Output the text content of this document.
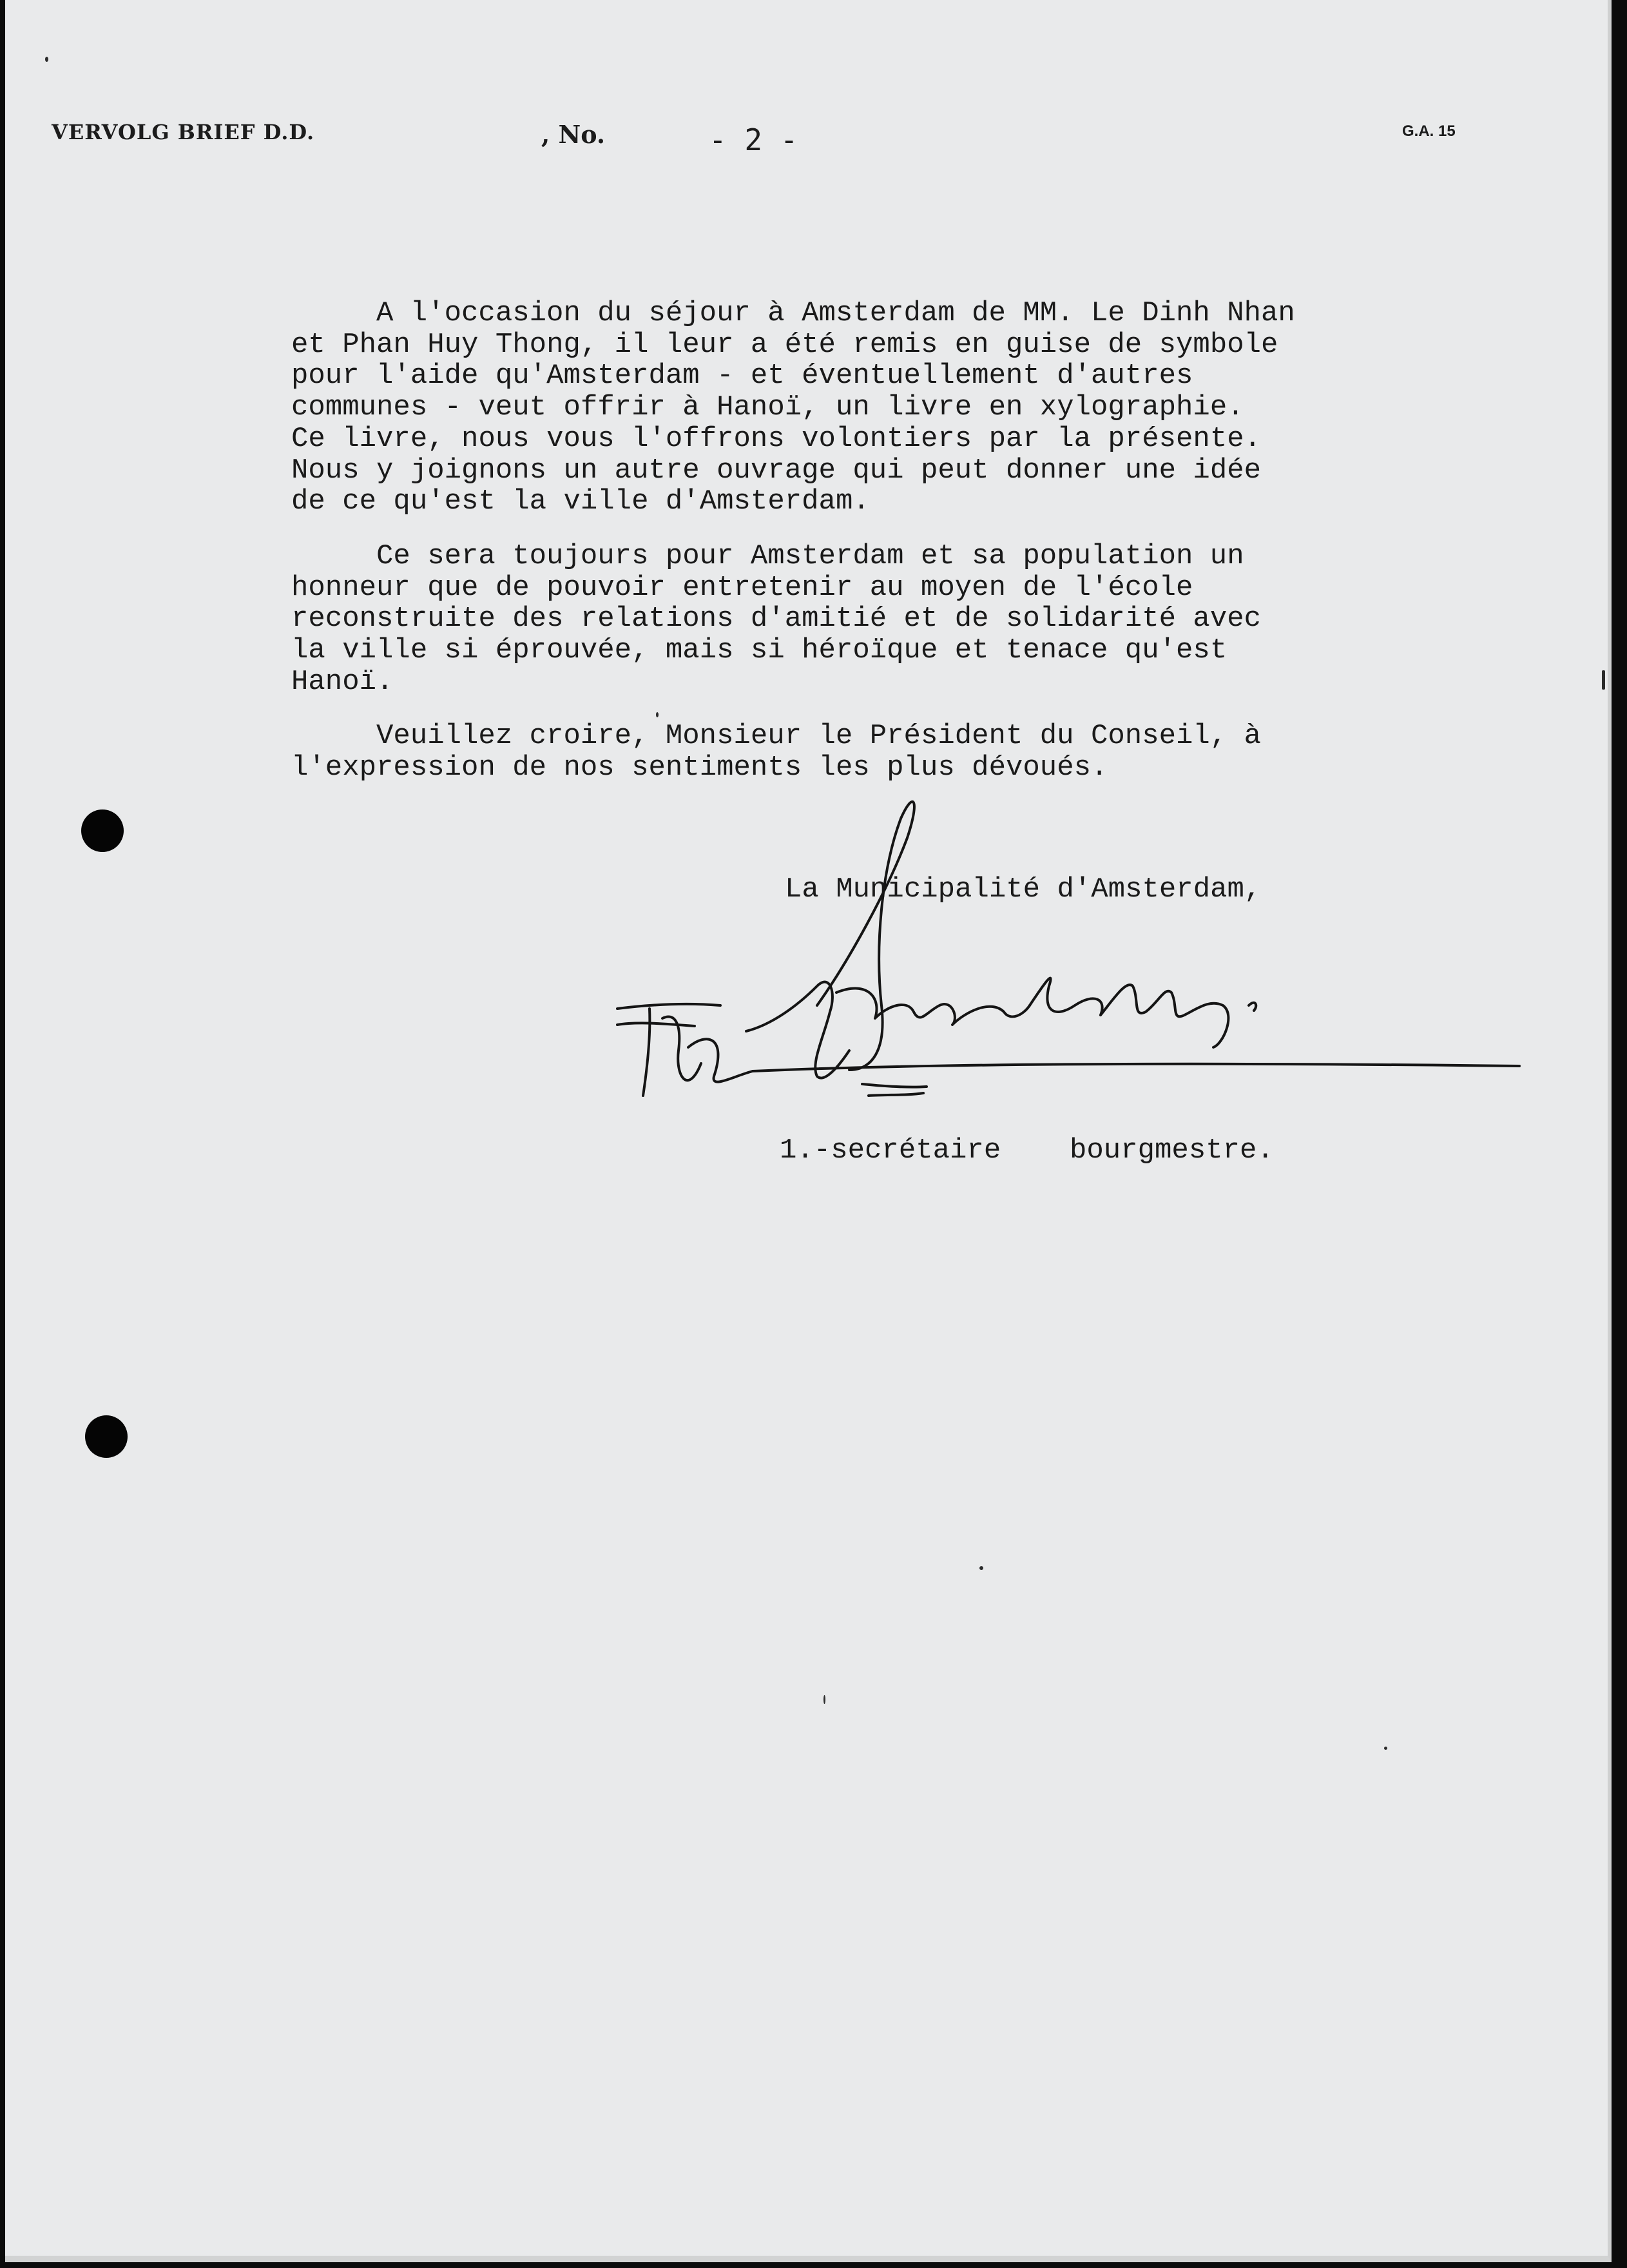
VERVOLG BRIEF D.D.	, No.	- 2 -	G.A. 15

A l'occasion du séjour à Amsterdam de MM. Le Dinh Nhan
et Phan Huy Thong, il leur a été remis en guise de symbole
pour l'aide qu'Amsterdam - et éventuellement d'autres
communes - veut offrir à Hanoï, un livre en xylographie.
Ce livre, nous vous l'offrons volontiers par la présente.
Nous y joignons un autre ouvrage qui peut donner une idée
de ce qu'est la ville d'Amsterdam.

Ce sera toujours pour Amsterdam et sa population un
honneur que de pouvoir entretenir au moyen de l'école
reconstruite des relations d'amitié et de solidarité avec
la ville si éprouvée, mais si héroïque et tenace qu'est
Hanoï.

Veuillez croire, Monsieur le Président du Conseil, à
l'expression de nos sentiments les plus dévoués.

La Municipalité d'Amsterdam,
1.-secrétaire bourgmestre.
